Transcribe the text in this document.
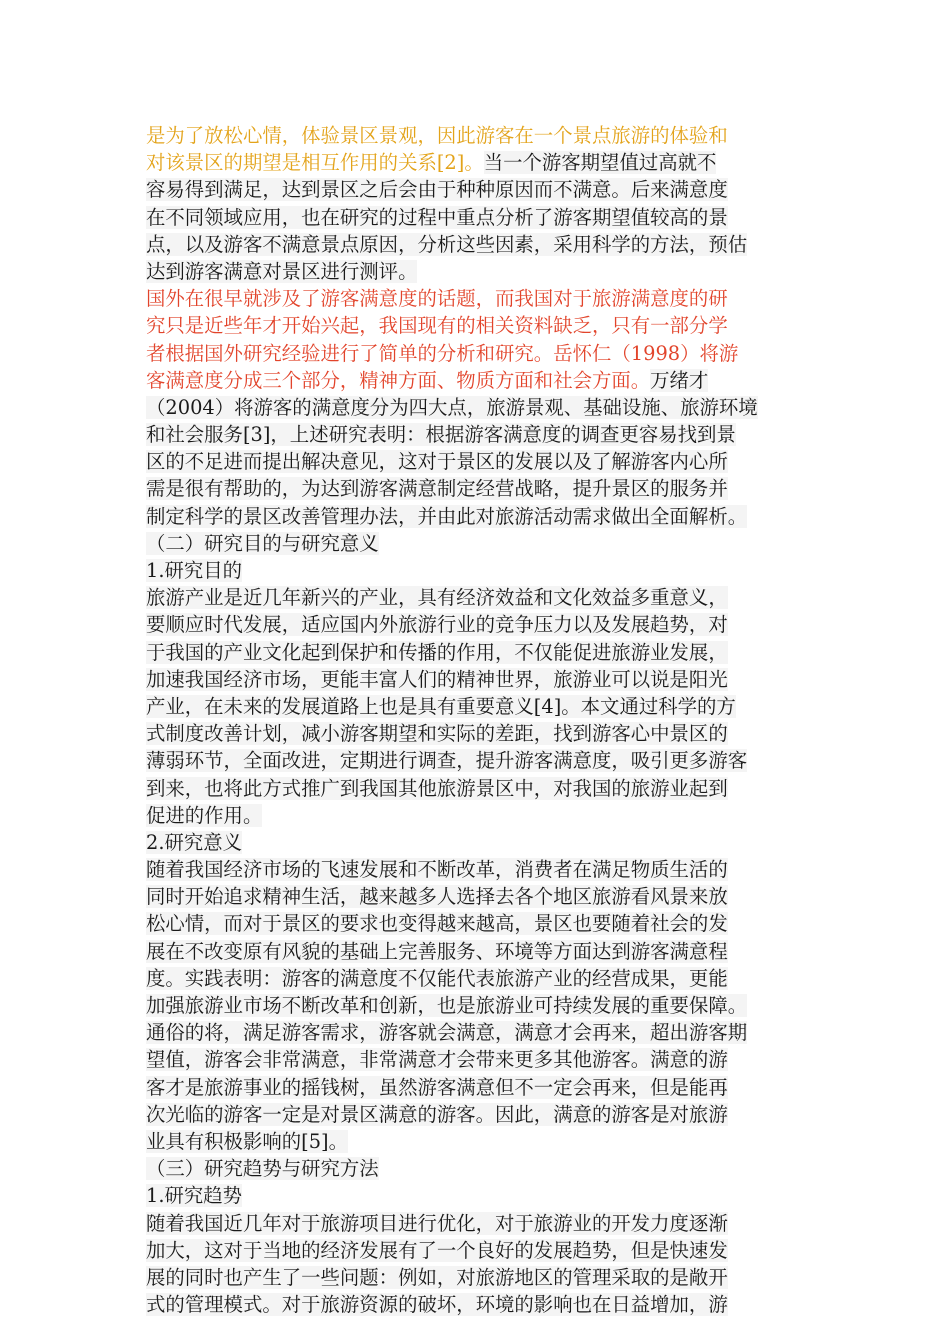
是为了放松心情，体验景区景观，因此游客在一个景点旅游的体验和
对该景区的期望是相互作用的关系[2]。当一个游客期望值过高就不
容易得到满足，达到景区之后会由于种种原因而不满意。后来满意度
在不同领域应用，也在研究的过程中重点分析了游客期望值较高的景
点，以及游客不满意景点原因，分析这些因素，采用科学的方法，预估
达到游客满意对景区进行测评。
国外在很早就涉及了游客满意度的话题，而我国对于旅游满意度的研
究只是近些年才开始兴起，我国现有的相关资料缺乏，只有一部分学
者根据国外研究经验进行了简单的分析和研究。岳怀仁（1998）将游
客满意度分成三个部分，精神方面、物质方面和社会方面。万绪才
（2004）将游客的满意度分为四大点，旅游景观、基础设施、旅游环境
和社会服务[3]，上述研究表明：根据游客满意度的调查更容易找到景
区的不足进而提出解决意见，这对于景区的发展以及了解游客内心所
需是很有帮助的，为达到游客满意制定经营战略，提升景区的服务并
制定科学的景区改善管理办法，并由此对旅游活动需求做出全面解析。
（二）研究目的与研究意义
1.研究目的
旅游产业是近几年新兴的产业，具有经济效益和文化效益多重意义，
要顺应时代发展，适应国内外旅游行业的竞争压力以及发展趋势，对
于我国的产业文化起到保护和传播的作用，不仅能促进旅游业发展，
加速我国经济市场，更能丰富人们的精神世界，旅游业可以说是阳光
产业，在未来的发展道路上也是具有重要意义[4]。本文通过科学的方
式制度改善计划，减小游客期望和实际的差距，找到游客心中景区的
薄弱环节，全面改进，定期进行调查，提升游客满意度，吸引更多游客
到来，也将此方式推广到我国其他旅游景区中，对我国的旅游业起到
促进的作用。
2.研究意义
随着我国经济市场的飞速发展和不断改革，消费者在满足物质生活的
同时开始追求精神生活，越来越多人选择去各个地区旅游看风景来放
松心情，而对于景区的要求也变得越来越高，景区也要随着社会的发
展在不改变原有风貌的基础上完善服务、环境等方面达到游客满意程
度。实践表明：游客的满意度不仅能代表旅游产业的经营成果，更能
加强旅游业市场不断改革和创新，也是旅游业可持续发展的重要保障。
通俗的将，满足游客需求，游客就会满意，满意才会再来，超出游客期
望值，游客会非常满意，非常满意才会带来更多其他游客。满意的游
客才是旅游事业的摇钱树，虽然游客满意但不一定会再来，但是能再
次光临的游客一定是对景区满意的游客。因此，满意的游客是对旅游
业具有积极影响的[5]。
（三）研究趋势与研究方法
1.研究趋势
随着我国近几年对于旅游项目进行优化，对于旅游业的开发力度逐渐
加大，这对于当地的经济发展有了一个良好的发展趋势，但是快速发
展的同时也产生了一些问题：例如，对旅游地区的管理采取的是敞开
式的管理模式。对于旅游资源的破坏，环境的影响也在日益增加，游
